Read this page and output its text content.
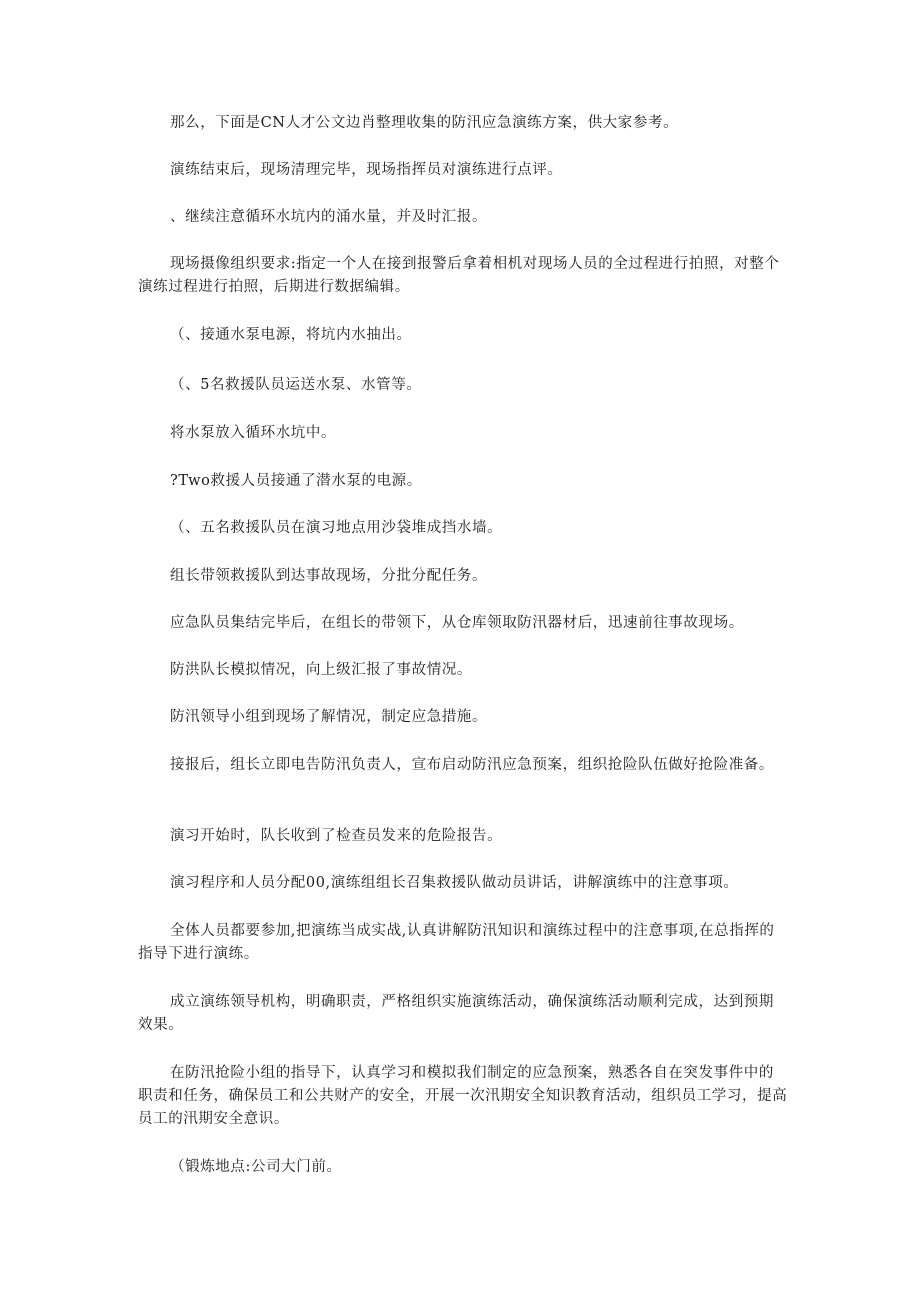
那么，下面是CN人才公文边肖整理收集的防汛应急演练方案，供大家参考。

演练结束后，现场清理完毕，现场指挥员对演练进行点评。

、继续注意循环水坑内的涌水量，并及时汇报。

现场摄像组织要求:指定一个人在接到报警后拿着相机对现场人员的全过程进行拍照，对整个演练过程进行拍照，后期进行数据编辑。

（、接通水泵电源，将坑内水抽出。

（、5名救援队员运送水泵、水管等。

将水泵放入循环水坑中。

?Two救援人员接通了潜水泵的电源。

（、五名救援队员在演习地点用沙袋堆成挡水墙。

组长带领救援队到达事故现场，分批分配任务。

应急队员集结完毕后，在组长的带领下，从仓库领取防汛器材后，迅速前往事故现场。

防洪队长模拟情况，向上级汇报了事故情况。

防汛领导小组到现场了解情况，制定应急措施。

接报后，组长立即电告防汛负责人，宣布启动防汛应急预案，组织抢险队伍做好抢险准备。

演习开始时，队长收到了检查员发来的危险报告。

演习程序和人员分配00,演练组组长召集救援队做动员讲话，讲解演练中的注意事项。

全体人员都要参加,把演练当成实战,认真讲解防汛知识和演练过程中的注意事项,在总指挥的指导下进行演练。

成立演练领导机构，明确职责，严格组织实施演练活动，确保演练活动顺利完成，达到预期效果。

在防汛抢险小组的指导下，认真学习和模拟我们制定的应急预案，熟悉各自在突发事件中的职责和任务，确保员工和公共财产的安全，开展一次汛期安全知识教育活动，组织员工学习，提高员工的汛期安全意识。

（锻炼地点:公司大门前。
